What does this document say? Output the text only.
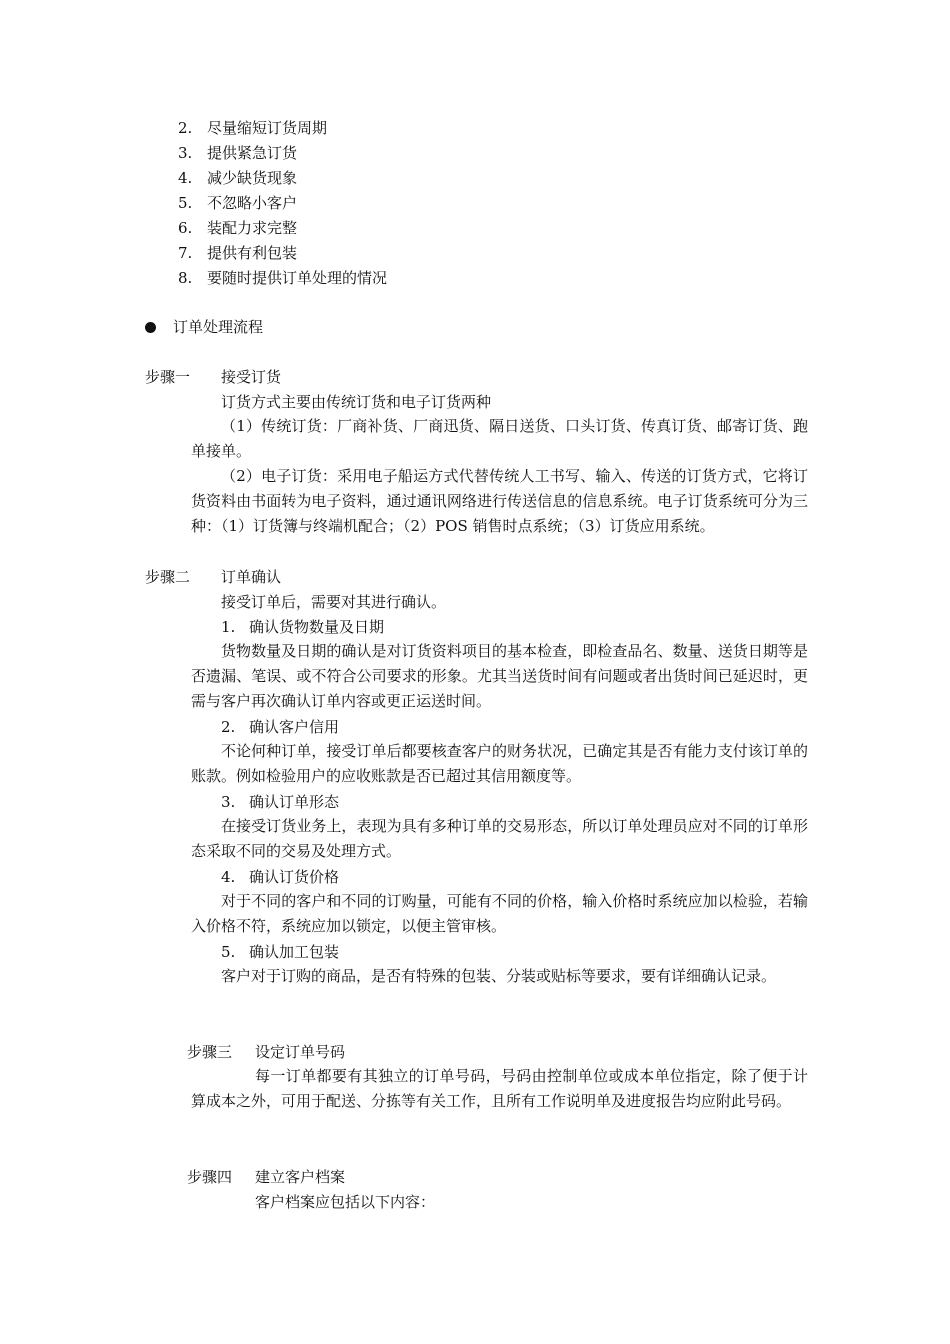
2. 尽量缩短订货周期
3. 提供紧急订货
4. 减少缺货现象
5. 不忽略小客户
6. 装配力求完整
7. 提供有利包装
8. 要随时提供订单处理的情况
订单处理流程
步骤一 接受订货
订货方式主要由传统订货和电子订货两种

（1）传统订货：厂商补货、厂商迅货、隔日送货、口头订货、传真订货、邮寄订货、跑单接单。

（2）电子订货：采用电子船运方式代替传统人工书写、输入、传送的订货方式，它将订货资料由书面转为电子资料，通过通讯网络进行传送信息的信息系统。电子订货系统可分为三种：（1）订货簿与终端机配合；（2）POS 销售时点系统；（3）订货应用系统。

步骤二 订单确认
接受订单后，需要对其进行确认。
1. 确认货物数量及日期

货物数量及日期的确认是对订货资料项目的基本检查，即检查品名、数量、送货日期等是否遗漏、笔误、或不符合公司要求的形象。尤其当送货时间有问题或者出货时间已延迟时，更需与客户再次确认订单内容或更正运送时间。

2. 确认客户信用

不论何种订单，接受订单后都要核查客户的财务状况，已确定其是否有能力支付该订单的账款。例如检验用户的应收账款是否已超过其信用额度等。

3. 确认订单形态

在接受订货业务上，表现为具有多种订单的交易形态，所以订单处理员应对不同的订单形态采取不同的交易及处理方式。

4. 确认订货价格

对于不同的客户和不同的订购量，可能有不同的价格，输入价格时系统应加以检验，若输入价格不符，系统应加以锁定，以便主管审核。

5. 确认加工包装

客户对于订购的商品，是否有特殊的包装、分装或贴标等要求，要有详细确认记录。

步骤三 设定订单号码

每一订单都要有其独立的订单号码，号码由控制单位或成本单位指定，除了便于计算成本之外，可用于配送、分拣等有关工作，且所有工作说明单及进度报告均应附此号码。

步骤四 建立客户档案
客户档案应包括以下内容：
